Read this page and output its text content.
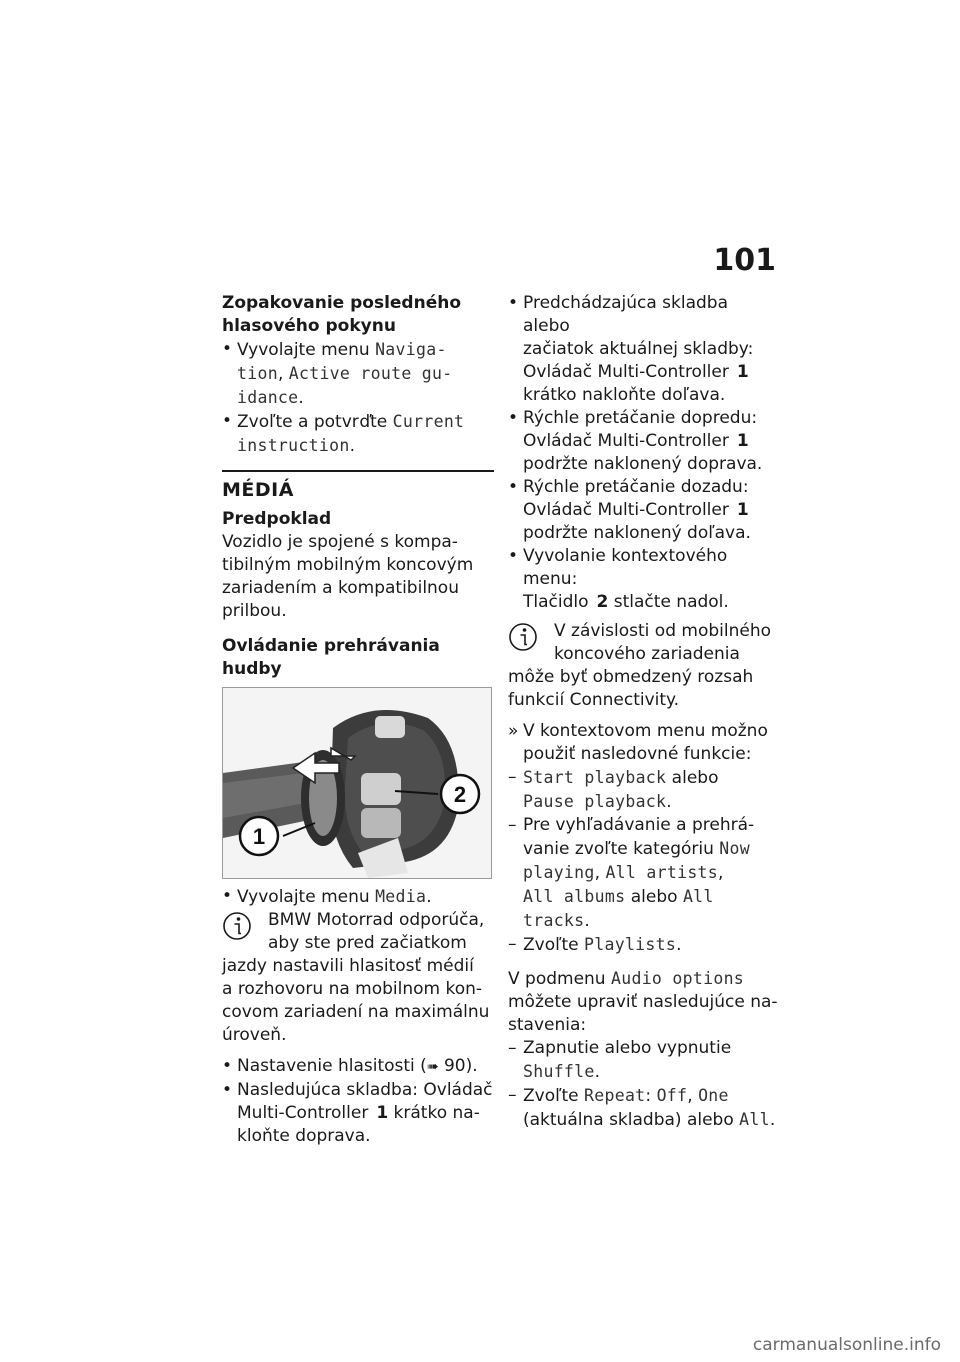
101
Zopakovanie posledného
hlasového pokynu

• Vyvolajte menu Naviga-
tion, Active route gu-
idance.

• Zvoľte a potvrďte Current
instruction.

MÉDIÁ
Predpoklad

Vozidlo je spojené s kompa-
tibilným mobilným koncovým
zariadením a kompatibilnou
prilbou.

Ovládanie prehrávania hudby
1
2

• Vyvolajte menu Media.

BMW Motorrad odporúča,

aby ste pred začiatkom

jazdy nastavili hlasitosť médií

a rozhovoru na mobilnom kon-

covom zariadení na maximálnu

úroveň.

• Nastavenie hlasitosti (➠ 90).

• Nasledujúca skladba: Ovládač
Multi-Controller 1 krátko na-
kloňte doprava.

• Predchádzajúca skladba alebo
začiatok aktuálnej skladby:
Ovládač Multi-Controller 1
krátko nakloňte doľava.

• Rýchle pretáčanie dopredu:
Ovládač Multi-Controller 1
podržte naklonený doprava.

• Rýchle pretáčanie dozadu:
Ovládač Multi-Controller 1
podržte naklonený doľava.

• Vyvolanie kontextového menu:
Tlačidlo 2 stlačte nadol.

V závislosti od mobilného

koncového zariadenia

môže byť obmedzený rozsah

funkcií Connectivity.

» V kontextovom menu možno
použiť nasledovné funkcie:

– Start playback alebo
Pause playback.

– Pre vyhľadávanie a prehrá-
vanie zvoľte kategóriu Now
playing, All artists,
All albums alebo All
tracks.

– Zvoľte Playlists.

V podmenu Audio options
môžete upraviť nasledujúce na-
stavenia:

– Zapnutie alebo vypnutie
Shuffle.

– Zvoľte Repeat: Off, One
(aktuálna skladba) alebo All.

carmanualsonline.info
